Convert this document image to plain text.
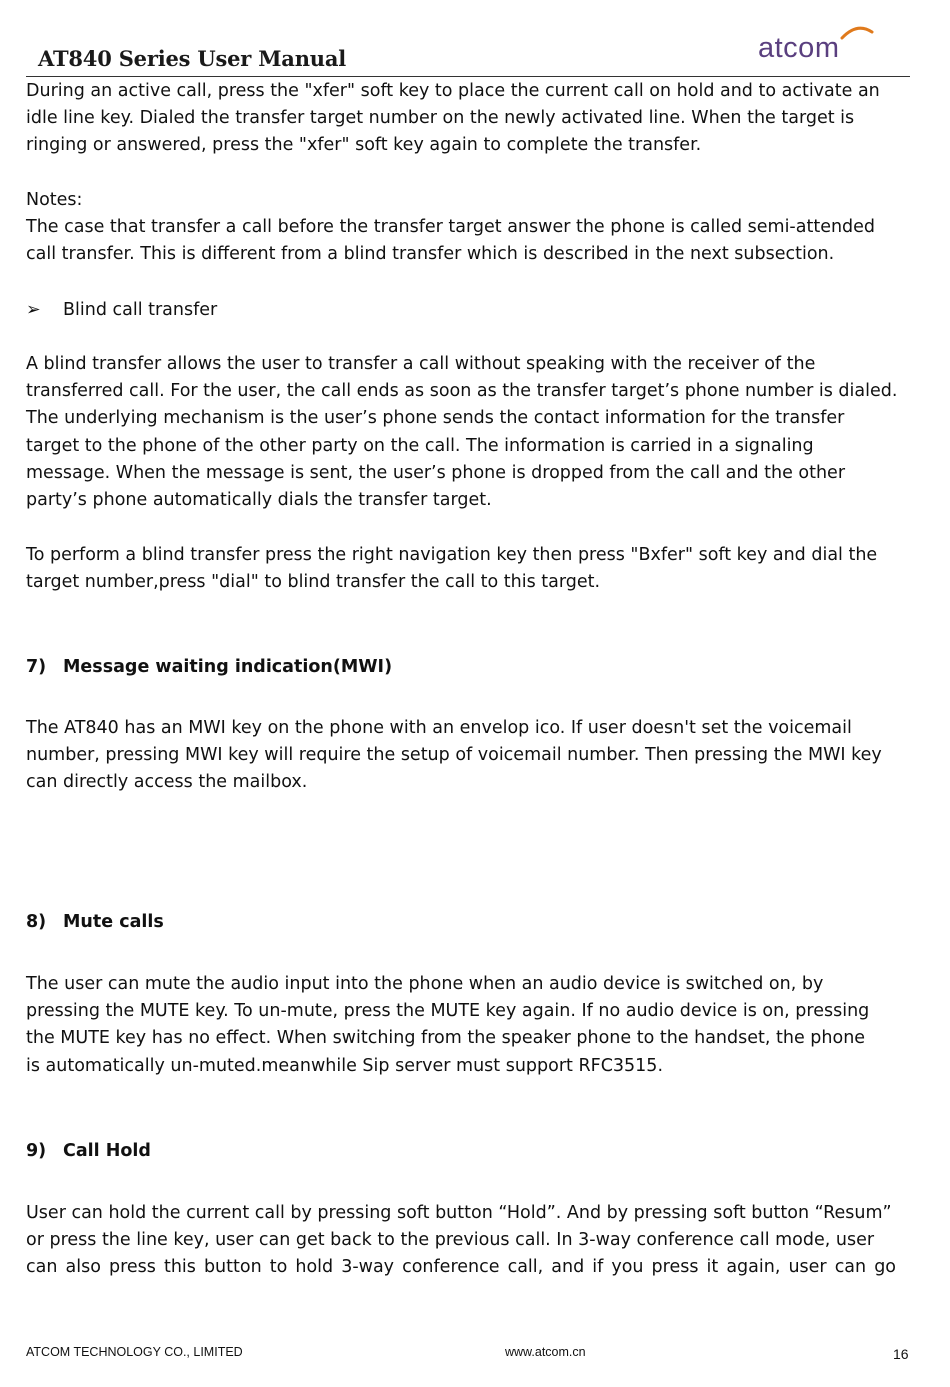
AT840 Series User Manual	atcom
During an active call, press the "xfer" soft key to place the current call on hold and to activate an
idle line key. Dialed the transfer target number on the newly activated line. When the target is
ringing or answered, press the "xfer" soft key again to complete the transfer.
Notes:
The case that transfer a call before the transfer target answer the phone is called semi-attended
call transfer. This is different from a blind transfer which is described in the next subsection.
➢ Blind call transfer
A blind transfer allows the user to transfer a call without speaking with the receiver of the
transferred call. For the user, the call ends as soon as the transfer target’s phone number is dialed.
The underlying mechanism is the user’s phone sends the contact information for the transfer
target to the phone of the other party on the call. The information is carried in a signaling
message. When the message is sent, the user’s phone is dropped from the call and the other
party’s phone automatically dials the transfer target.
To perform a blind transfer press the right navigation key then press "Bxfer" soft key and dial the
target number,press "dial" to blind transfer the call to this target.
7) Message waiting indication(MWI)
The AT840 has an MWI key on the phone with an envelop ico. If user doesn't set the voicemail
number, pressing MWI key will require the setup of voicemail number. Then pressing the MWI key
can directly access the mailbox.
8) Mute calls
The user can mute the audio input into the phone when an audio device is switched on, by
pressing the MUTE key. To un-mute, press the MUTE key again. If no audio device is on, pressing
the MUTE key has no effect. When switching from the speaker phone to the handset, the phone
is automatically un-muted.meanwhile Sip server must support RFC3515.
9) Call Hold
User can hold the current call by pressing soft button “Hold”. And by pressing soft button “Resum”
or press the line key, user can get back to the previous call. In 3-way conference call mode, user
can also press this button to hold 3-way conference call, and if you press it again, user can go
ATCOM TECHNOLOGY CO., LIMITED	www.atcom.cn	16
